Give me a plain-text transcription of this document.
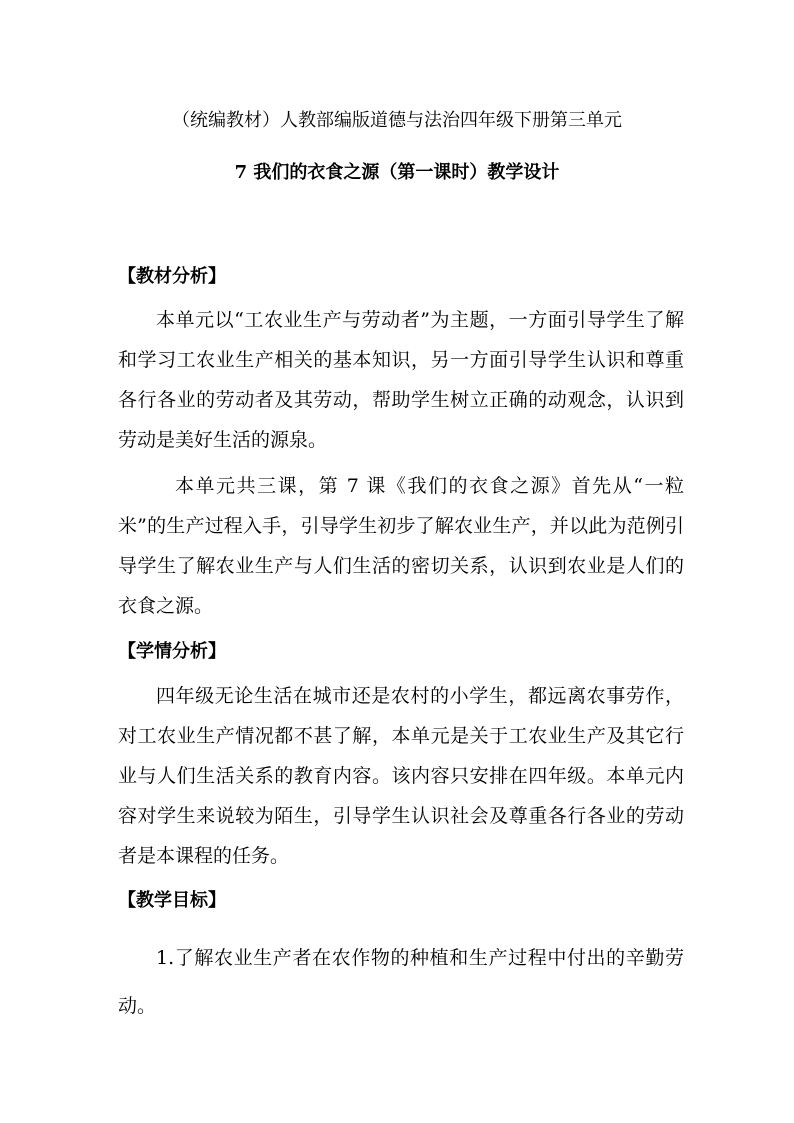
（统编教材）人教部编版道德与法治四年级下册第三单元
7 我们的衣食之源（第一课时）教学设计
【教材分析】

本单元以“工农业生产与劳动者”为主题，一方面引导学生了解和学习工农业生产相关的基本知识，另一方面引导学生认识和尊重各行各业的劳动者及其劳动，帮助学生树立正确的动观念，认识到劳动是美好生活的源泉。

本单元共三课，第 7 课《我们的衣食之源》首先从“一粒米”的生产过程入手，引导学生初步了解农业生产，并以此为范例引导学生了解农业生产与人们生活的密切关系，认识到农业是人们的衣食之源。

【学情分析】

四年级无论生活在城市还是农村的小学生，都远离农事劳作，对工农业生产情况都不甚了解，本单元是关于工农业生产及其它行业与人们生活关系的教育内容。该内容只安排在四年级。本单元内容对学生来说较为陌生，引导学生认识社会及尊重各行各业的劳动者是本课程的任务。

【教学目标】

1.了解农业生产者在农作物的种植和生产过程中付出的辛勤劳动。
